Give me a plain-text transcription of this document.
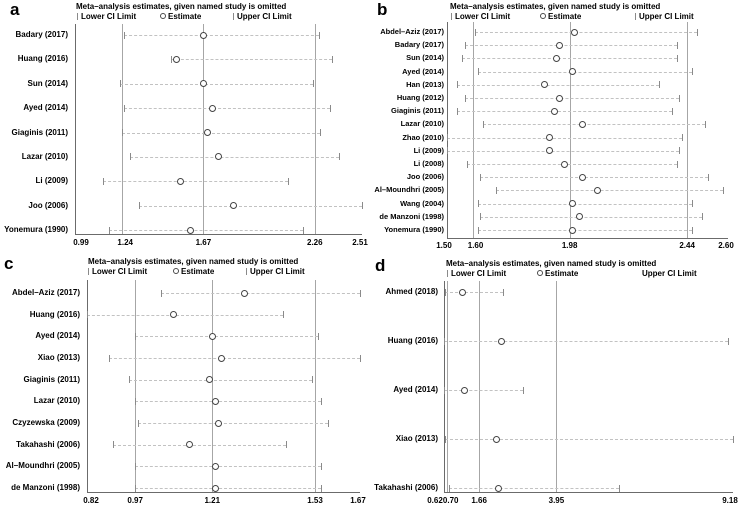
a	Meta–analysis estimates, given named study is omitted
Lower CI Limit	Estimate	Upper CI Limit	b	Meta–analysis estimates, given named study is omitted
Lower CI Limit	Estimate	Upper CI Limit
c	Meta–analysis estimates, given named study is omitted
Lower CI Limit	Estimate	Upper CI Limit	d	Meta–analysis estimates, given named study is omitted
Lower CI Limit	Estimate	Upper CI Limit
Badary (2017)
Huang (2016)
Sun (2014)
Ayed (2014)
Giaginis (2011)
Lazar (2010)
Li (2009)
Joo (2006)
Yonemura (1990)
0.99	1.24	1.67	2.26	2.51
Abdel–Aziz (2017)
Badary (2017)
Sun (2014)
Ayed (2014)
Han (2013)
Huang (2012)
Giaginis (2011)
Lazar (2010)
Zhao (2010)
Li (2009)
Li (2008)
Joo (2006)
Al–Moundhri (2005)
Wang (2004)
de Manzoni (1998)
Yonemura (1990)
1.50 1.60	1.98	2.44	2.60
Abdel–Aziz (2017)
Huang (2016)
Ayed (2014)
Xiao (2013)
Giaginis (2011)
Lazar (2010)
Czyzewska (2009)
Takahashi (2006)
Al–Moundhri (2005)
de Manzoni (1998)
0.82	0.97	1.21	1.53	1.67
Ahmed (2018)
Huang (2016)
Ayed (2014)
Xiao (2013)
Takahashi (2006)
0.62 0.70 1.66	3.95	9.18
